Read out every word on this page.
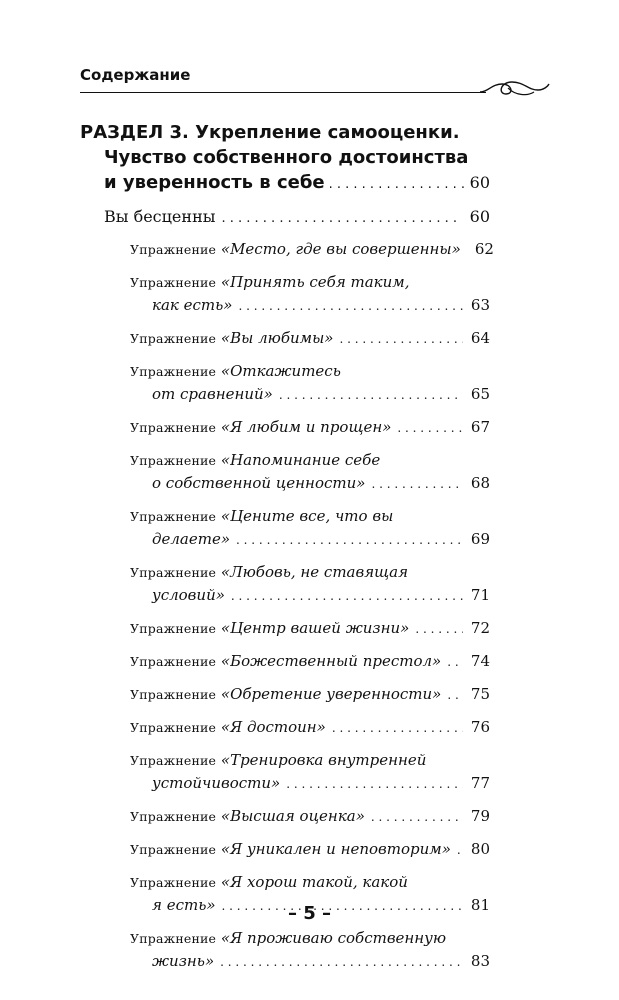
Содержание
РАЗДЕЛ 3. Укрепление самооценки.
Чувство собственного достоинства
и уверенность в себе . . .	60
Вы бесценны . . .	60
Упражнение «Место, где вы совершенны» 62
Упражнение «Принять себя таким,
как есть» . . .	63
Упражнение «Вы любимы» . . .	64
Упражнение «Откажитесь
от сравнений» . . .	65
Упражнение «Я любим и прощен» . . .	67
Упражнение «Напоминание себе
о собственной ценности» . . .	68
Упражнение «Цените все, что вы
делаете» . . .	69
Упражнение «Любовь, не ставящая
условий» . . .	71
Упражнение «Центр вашей жизни» . . .	72
Упражнение «Божественный престол» . . . 74
Упражнение «Обретение уверенности» . . . 75
Упражнение «Я достоин» . . .	76
Упражнение «Тренировка внутренней
устойчивости» . . .	77
Упражнение «Высшая оценка» . . .	79
Упражнение «Я уникален и неповторим» . . . 80
Упражнение «Я хорош такой, какой
я есть» . . .	81
Упражнение «Я проживаю собственную
жизнь» . . .	83
– 5 –
